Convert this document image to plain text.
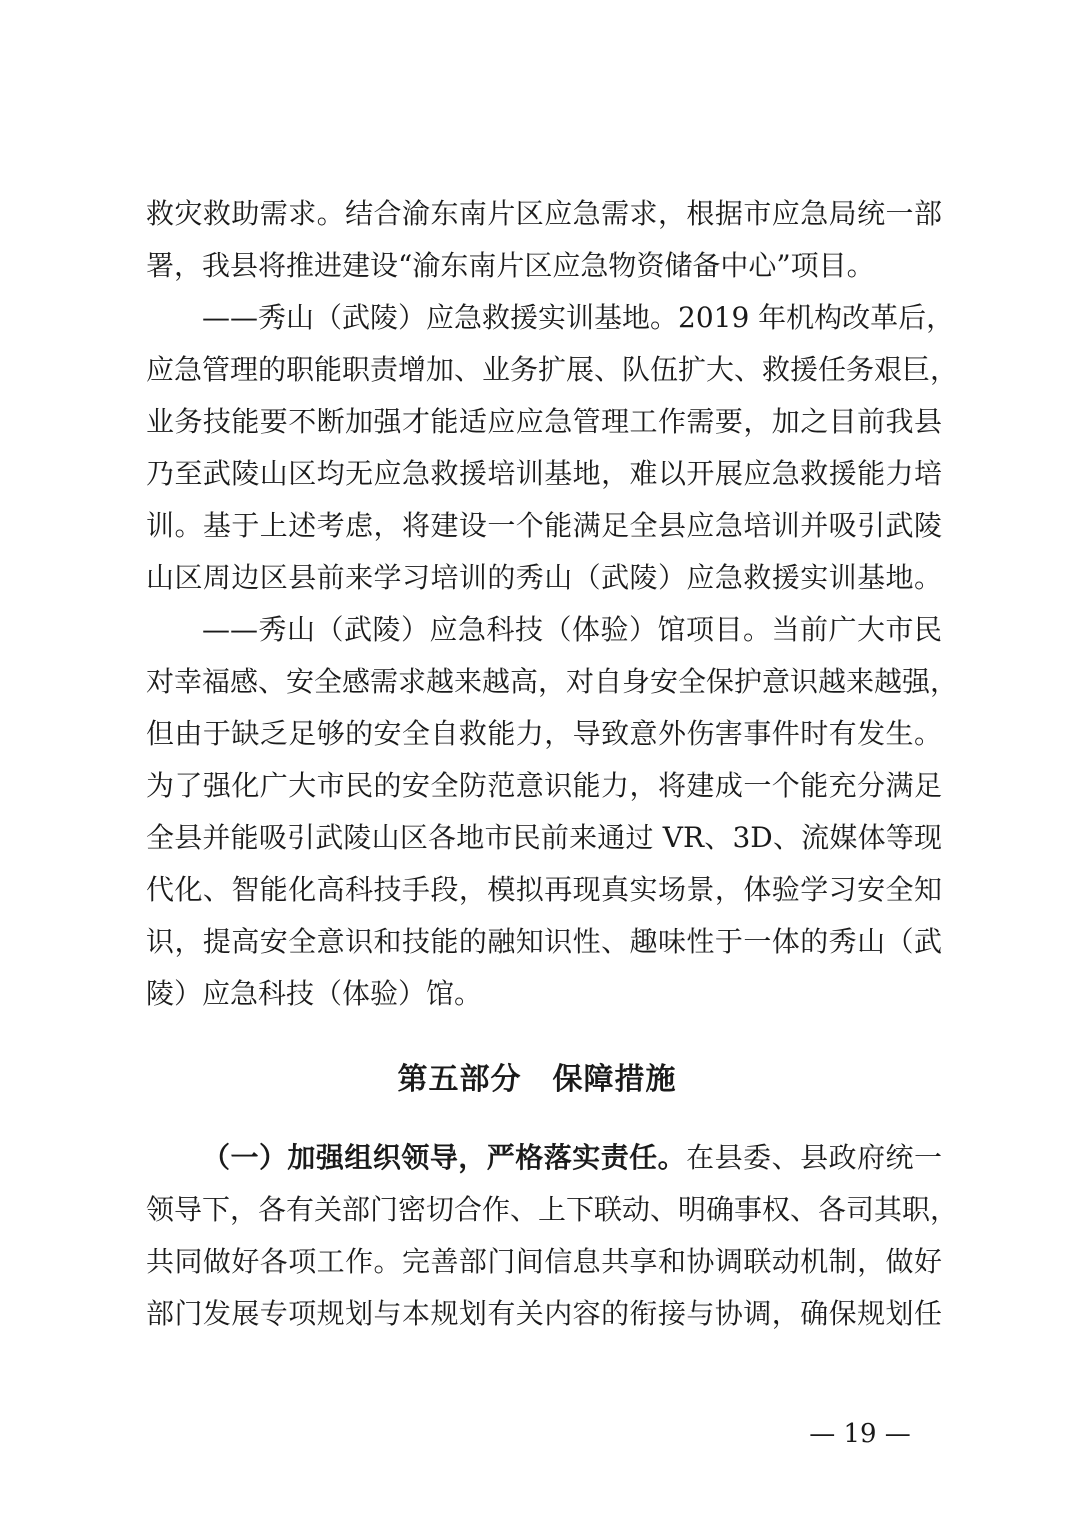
救灾救助需求。结合渝东南片区应急需求，根据市应急局统一部
署，我县将推进建设“渝东南片区应急物资储备中心”项目。
——秀山（武陵）应急救援实训基地。2019 年机构改革后，
应急管理的职能职责增加、业务扩展、队伍扩大、救援任务艰巨，
业务技能要不断加强才能适应应急管理工作需要，加之目前我县
乃至武陵山区均无应急救援培训基地，难以开展应急救援能力培
训。基于上述考虑，将建设一个能满足全县应急培训并吸引武陵
山区周边区县前来学习培训的秀山（武陵）应急救援实训基地。
——秀山（武陵）应急科技（体验）馆项目。当前广大市民
对幸福感、安全感需求越来越高，对自身安全保护意识越来越强，
但由于缺乏足够的安全自救能力，导致意外伤害事件时有发生。
为了强化广大市民的安全防范意识能力，将建成一个能充分满足
全县并能吸引武陵山区各地市民前来通过 VR、3D、流媒体等现
代化、智能化高科技手段，模拟再现真实场景，体验学习安全知
识，提高安全意识和技能的融知识性、趣味性于一体的秀山（武
陵）应急科技（体验）馆。
第五部分　保障措施
（一）加强组织领导，严格落实责任。在县委、县政府统一
领导下，各有关部门密切合作、上下联动、明确事权、各司其职，
共同做好各项工作。完善部门间信息共享和协调联动机制，做好
部门发展专项规划与本规划有关内容的衔接与协调，确保规划任
— 19 —
